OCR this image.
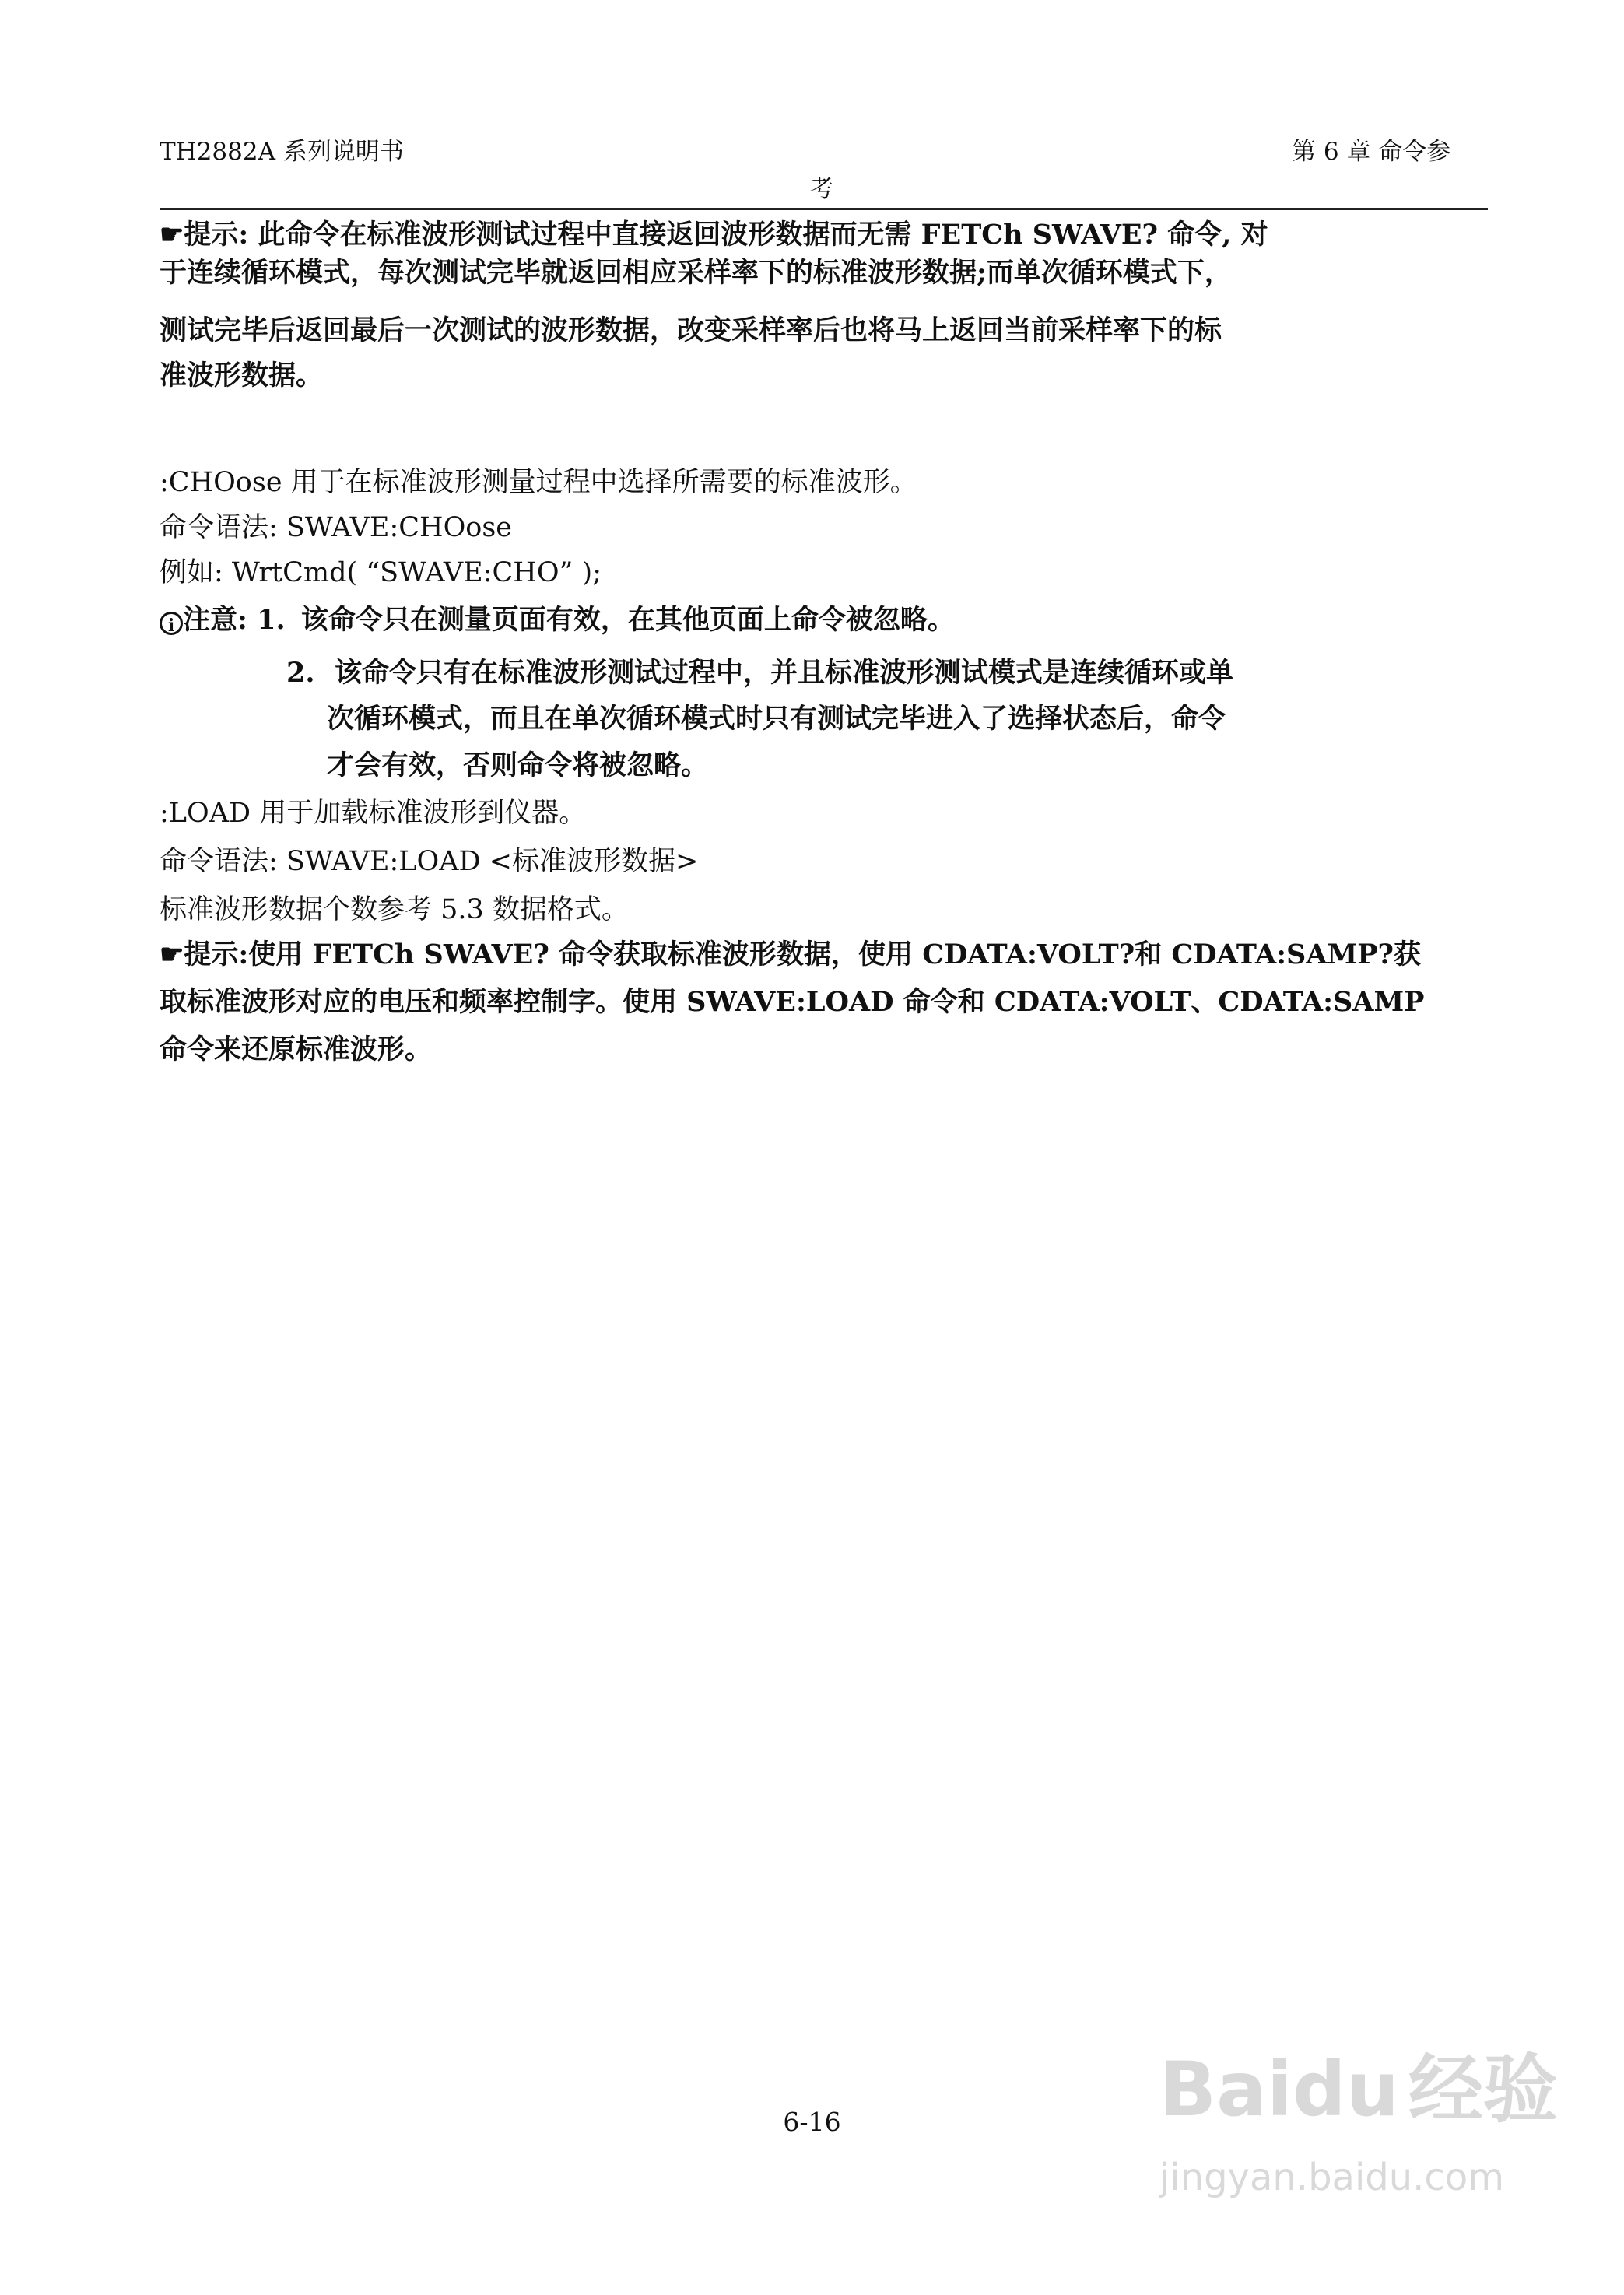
TH2882A 系列说明书	第 6 章 命令参
考
☛提示: 此命令在标准波形测试过程中直接返回波形数据而无需 FETCh SWAVE? 命令, 对
于连续循环模式，每次测试完毕就返回相应采样率下的标准波形数据;而单次循环模式下，
测试完毕后返回最后一次测试的波形数据，改变采样率后也将马上返回当前采样率下的标
准波形数据。
:CHOose 用于在标准波形测量过程中选择所需要的标准波形。
命令语法: SWAVE:CHOose
例如: WrtCmd( “SWAVE:CHO” );
i 注意: 1. 该命令只在测量页面有效，在其他页面上命令被忽略。
2. 该命令只有在标准波形测试过程中，并且标准波形测试模式是连续循环或单
次循环模式，而且在单次循环模式时只有测试完毕进入了选择状态后，命令
才会有效，否则命令将被忽略。
:LOAD 用于加载标准波形到仪器。
命令语法: SWAVE:LOAD <标准波形数据>
标准波形数据个数参考 5.3 数据格式。
☛提示:使用 FETCh SWAVE? 命令获取标准波形数据，使用 CDATA:VOLT?和 CDATA:SAMP?获
取标准波形对应的电压和频率控制字。使用 SWAVE:LOAD 命令和 CDATA:VOLT、CDATA:SAMP
命令来还原标准波形。
6-16	Baidu 经验
jingyan.baidu.com
